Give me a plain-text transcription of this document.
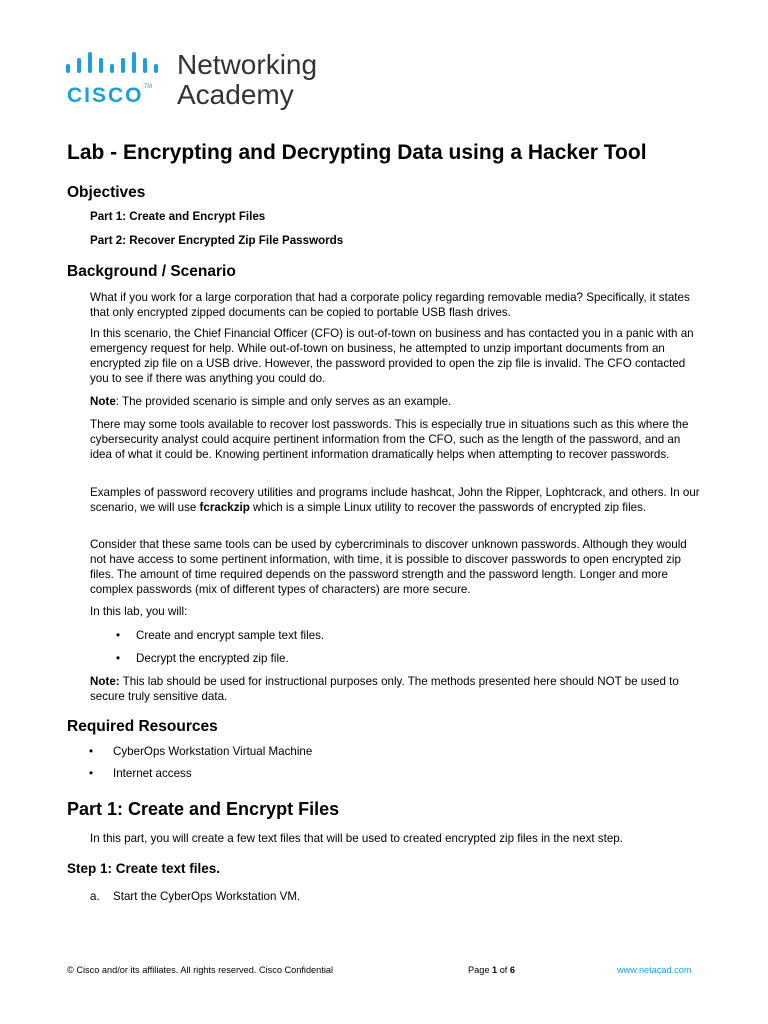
CISCO™
Networking
Academy
Lab - Encrypting and Decrypting Data using a Hacker Tool
Objectives
Part 1: Create and Encrypt Files
Part 2: Recover Encrypted Zip File Passwords
Background / Scenario

What if you work for a large corporation that had a corporate policy regarding removable media? Specifically, it states that only encrypted zipped documents can be copied to portable USB flash drives.

In this scenario, the Chief Financial Officer (CFO) is out-of-town on business and has contacted you in a panic with an emergency request for help. While out-of-town on business, he attempted to unzip important documents from an encrypted zip file on a USB drive. However, the password provided to open the zip file is invalid. The CFO contacted you to see if there was anything you could do.

Note: The provided scenario is simple and only serves as an example.

There may some tools available to recover lost passwords. This is especially true in situations such as this where the cybersecurity analyst could acquire pertinent information from the CFO, such as the length of the password, and an idea of what it could be. Knowing pertinent information dramatically helps when attempting to recover passwords.

Examples of password recovery utilities and programs include hashcat, John the Ripper, Lophtcrack, and others. In our scenario, we will use fcrackzip which is a simple Linux utility to recover the passwords of encrypted zip files.

Consider that these same tools can be used by cybercriminals to discover unknown passwords. Although they would not have access to some pertinent information, with time, it is possible to discover passwords to open encrypted zip files. The amount of time required depends on the password strength and the password length. Longer and more complex passwords (mix of different types of characters) are more secure.

In this lab, you will:

• Create and encrypt sample text files.
• Decrypt the encrypted zip file.

Note: This lab should be used for instructional purposes only. The methods presented here should NOT be used to secure truly sensitive data.

Required Resources
• CyberOps Workstation Virtual Machine
• Internet access
Part 1: Create and Encrypt Files

In this part, you will create a few text files that will be used to created encrypted zip files in the next step.

Step 1: Create text files.
a. Start the CyberOps Workstation VM.
© Cisco and/or its affiliates. All rights reserved. Cisco Confidential	Page 1 of 6	www.netacad.com
